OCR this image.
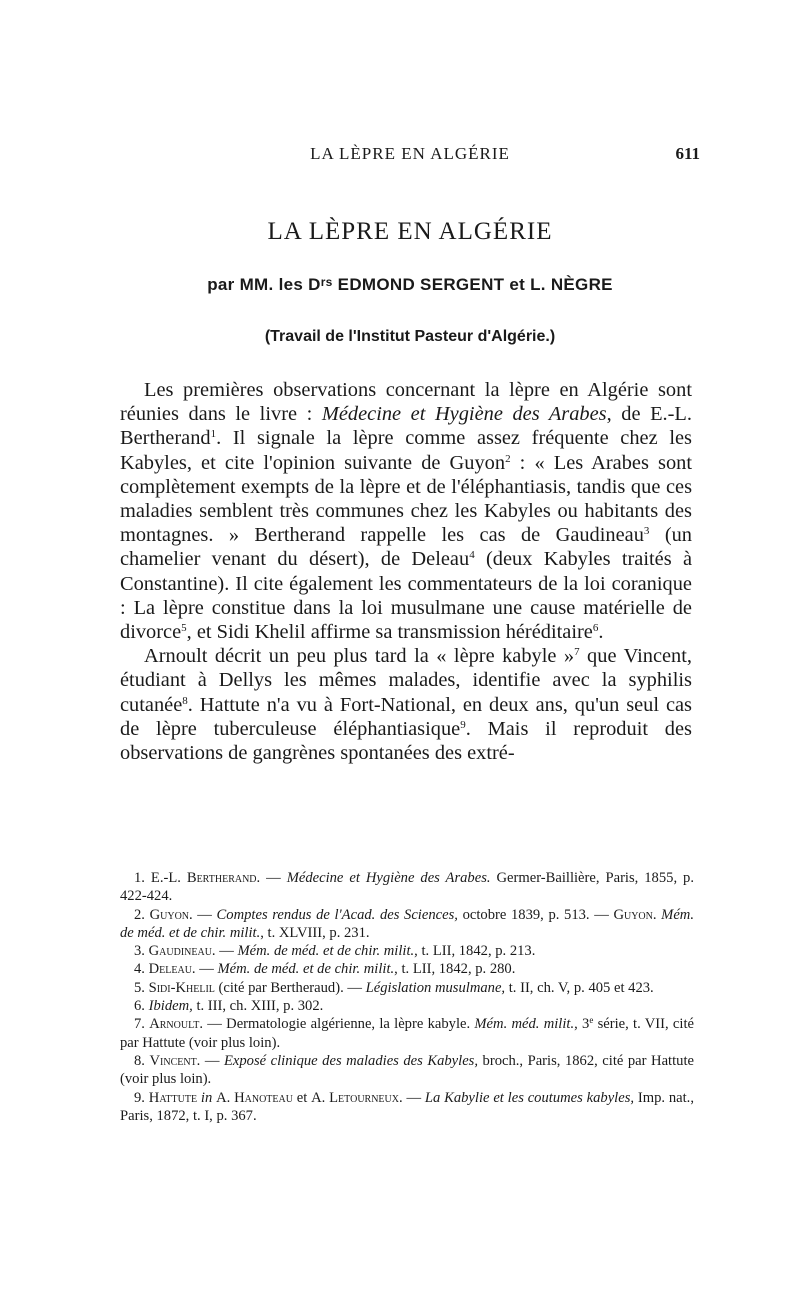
LA LÈPRE EN ALGÉRIE	611
LA LÈPRE EN ALGÉRIE
par MM. les $D^{rs}$ EDMOND SERGENT et L. NÈGRE
(Travail de l'Institut Pasteur d'Algérie.)

Les premières observations concernant la lèpre en Algérie sont réunies dans le livre : Médecine et Hygiène des Arabes, de E.-L. Bertherand$^1$. Il signale la lèpre comme assez fréquente chez les Kabyles, et cite l'opinion suivante de Guyon$^2$ : « Les Arabes sont complètement exempts de la lèpre et de l'éléphantiasis, tandis que ces maladies semblent très communes chez les Kabyles ou habitants des montagnes. » Bertherand rappelle les cas de Gaudineau$^3$ (un chamelier venant du désert), de Deleau$^4$ (deux Kabyles traités à Constantine). Il cite également les commentateurs de la loi coranique : La lèpre constitue dans la loi musulmane une cause matérielle de divorce$^5$, et Sidi Khelil affirme sa transmission héréditaire$^6$.

Arnoult décrit un peu plus tard la « lèpre kabyle »$^7$ que Vincent, étudiant à Dellys les mêmes malades, identifie avec la syphilis cutanée$^8$. Hattute n'a vu à Fort-National, en deux ans, qu'un seul cas de lèpre tuberculeuse éléphantiasique$^9$. Mais il reproduit des observations de gangrènes spontanées des extré-

1. E.-L. Bertherand. — Médecine et Hygiène des Arabes. Germer-Baillière, Paris, 1855, p. 422-424.

2. Guyon. — Comptes rendus de l'Acad. des Sciences, octobre 1839, p. 513. — Guyon. Mém. de méd. et de chir. milit., t. XLVIII, p. 231.

3. Gaudineau. — Mém. de méd. et de chir. milit., t. LII, 1842, p. 213.

4. Deleau. — Mém. de méd. et de chir. milit., t. LII, 1842, p. 280.

5. Sidi-Khelil (cité par Bertheraud). — Législation musulmane, t. II, ch. V, p. 405 et 423.

6. Ibidem, t. III, ch. XIII, p. 302.

7. Arnoult. — Dermatologie algérienne, la lèpre kabyle. Mém. méd. milit., 3e série, t. VII, cité par Hattute (voir plus loin).

8. Vincent. — Exposé clinique des maladies des Kabyles, broch., Paris, 1862, cité par Hattute (voir plus loin).

9. Hattute in A. Hanoteau et A. Letourneux. — La Kabylie et les coutumes kabyles, Imp. nat., Paris, 1872, t. I, p. 367.
